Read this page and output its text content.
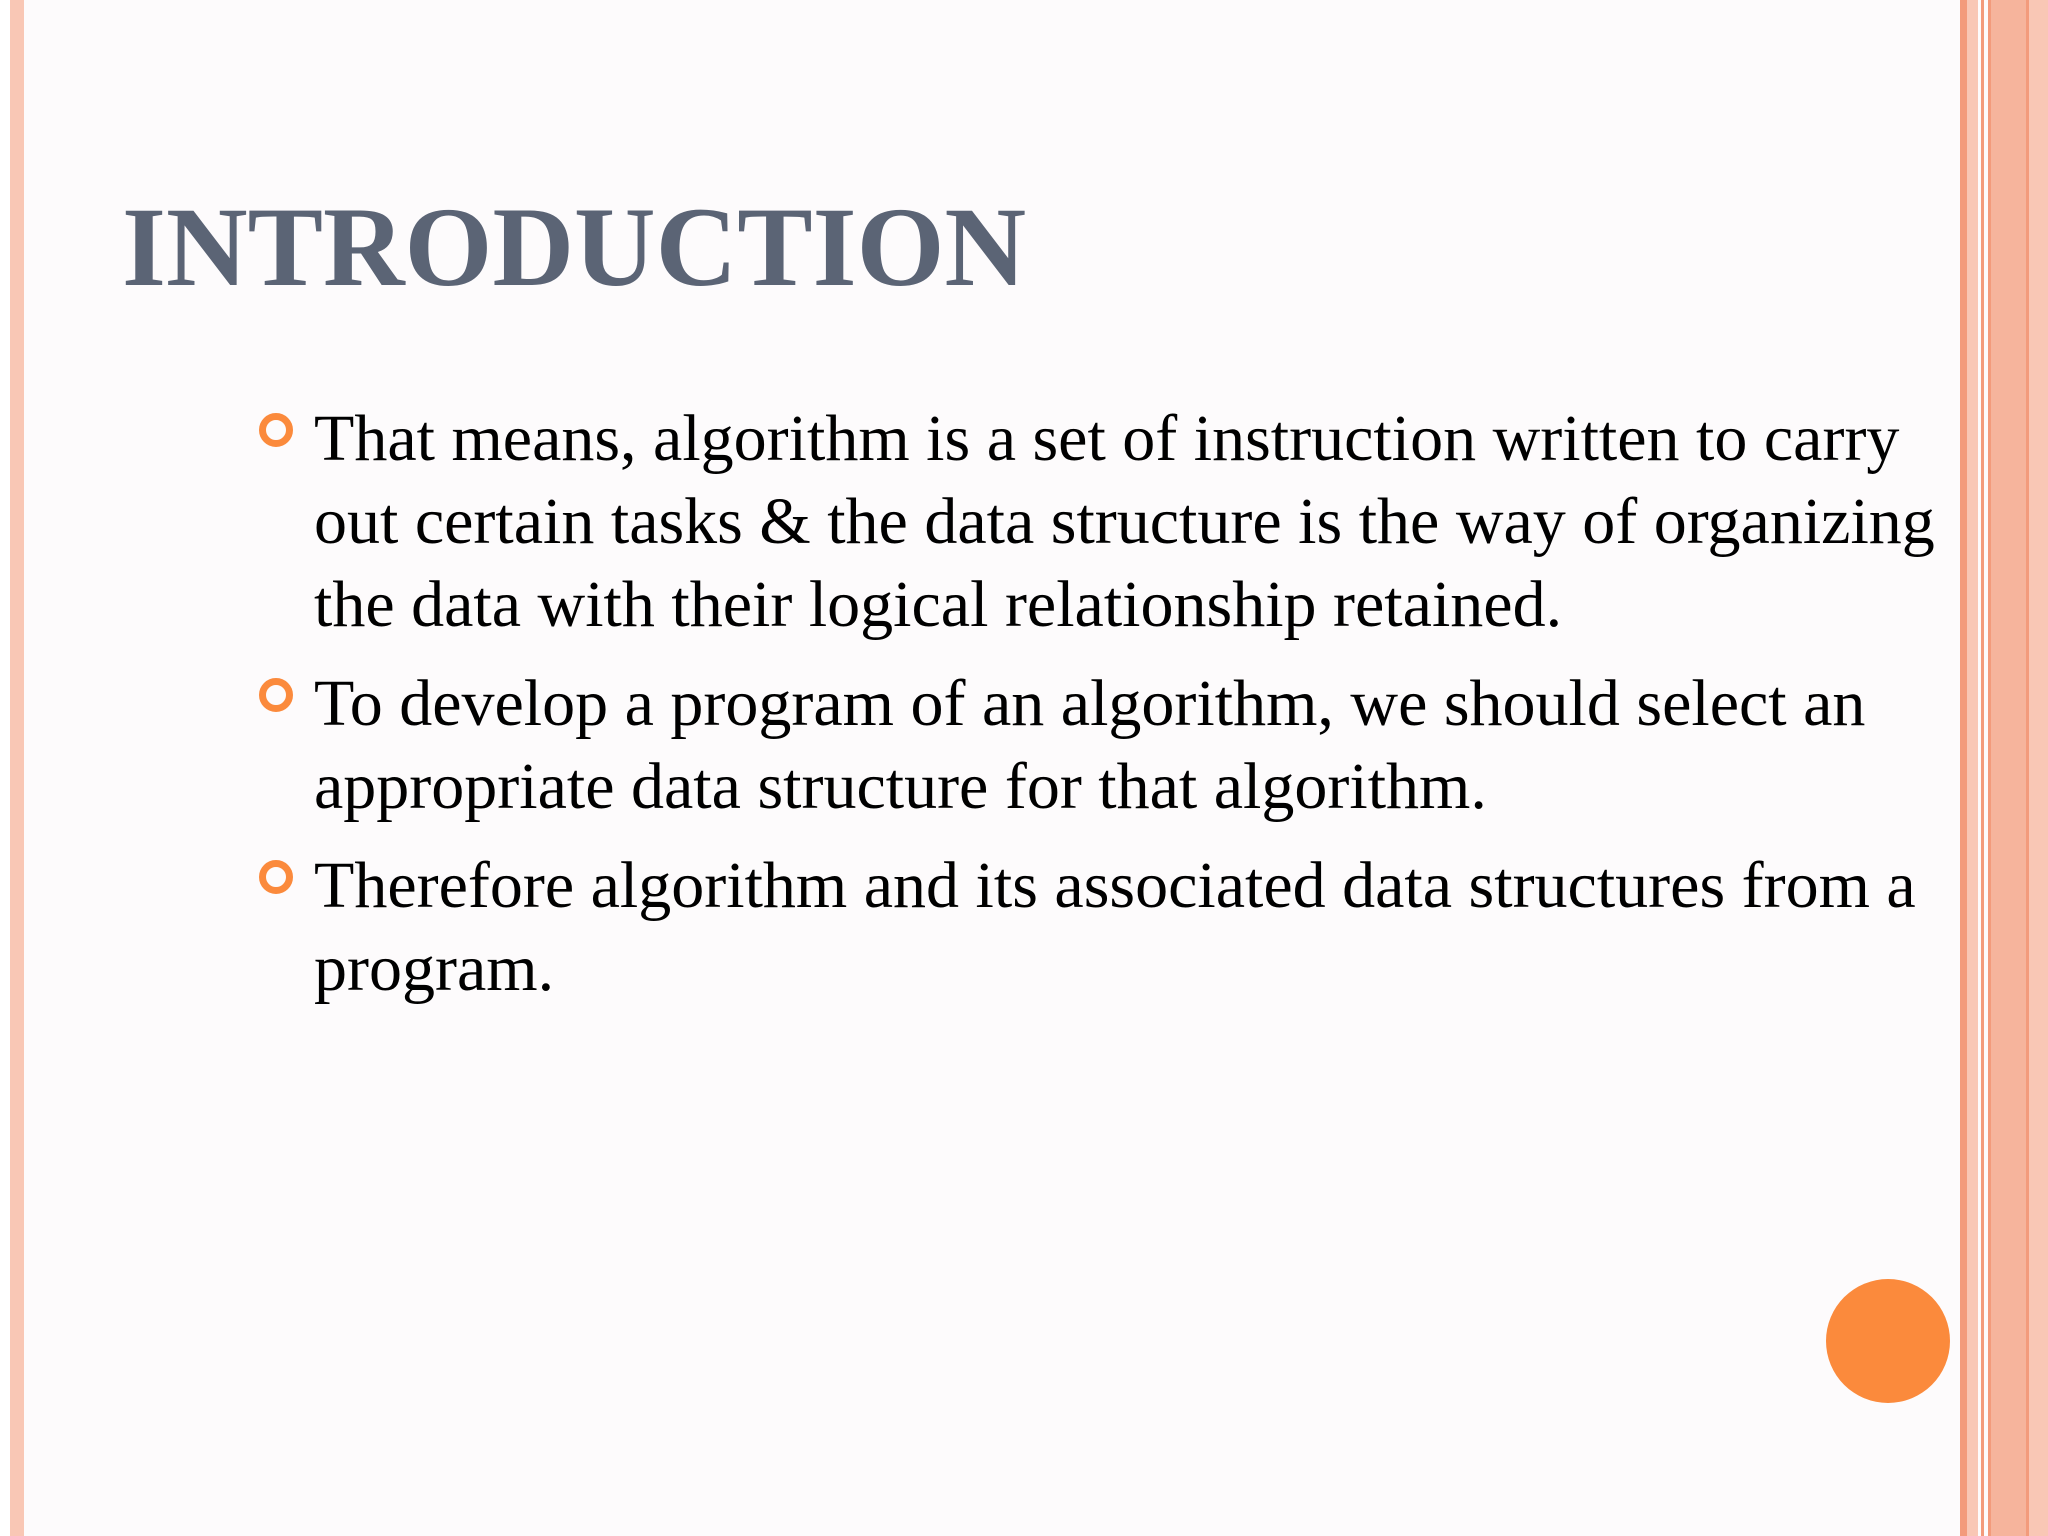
INTRODUCTION
That means, algorithm is a set of instruction written to carry out certain tasks & the data structure is the way of organizing the data with their logical relationship retained.
To develop a program of an algorithm, we should select an appropriate data structure for that algorithm.
Therefore algorithm and its associated data structures from a program.
